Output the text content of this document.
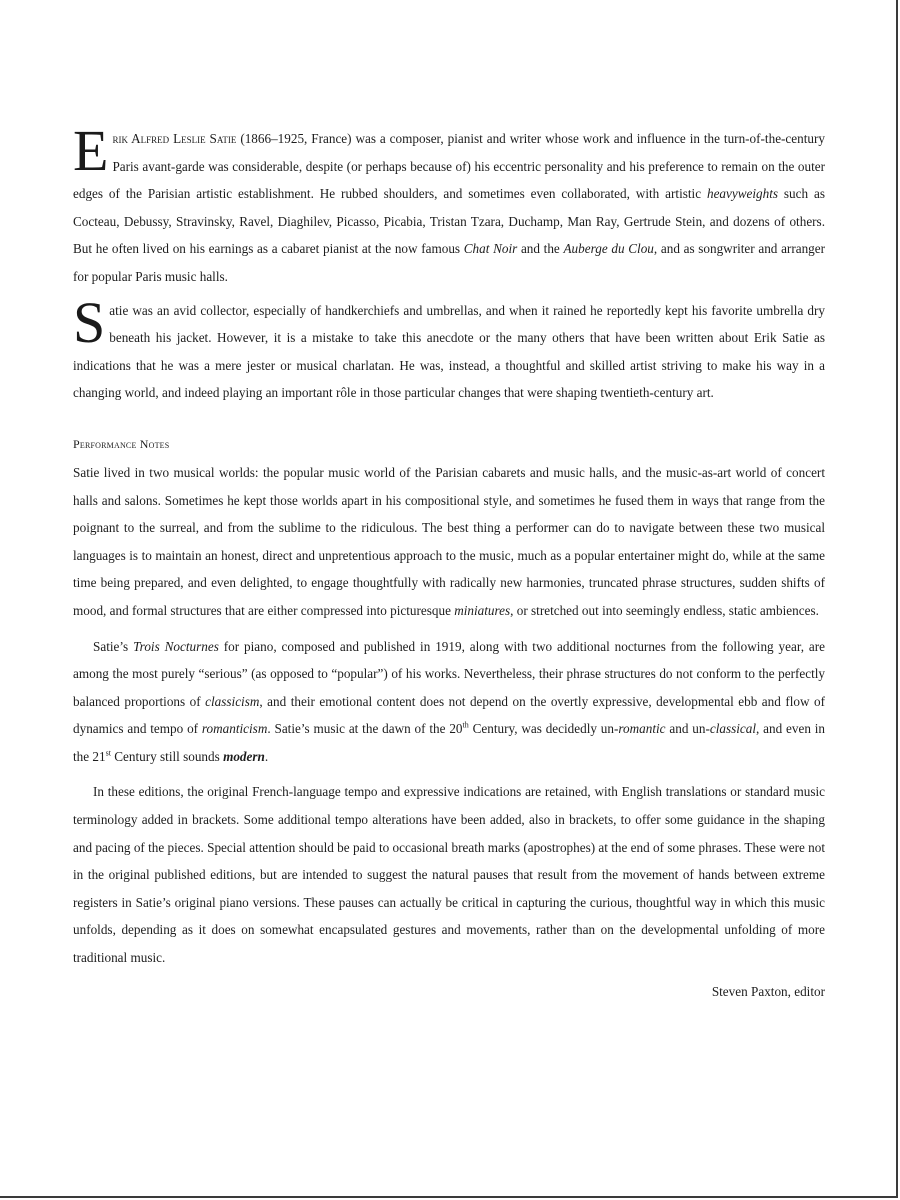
Erik Alfred Leslie Satie (1866–1925, France) was a composer, pianist and writer whose work and influence in the turn-of-the-century Paris avant-garde was considerable, despite (or perhaps because of) his eccentric personality and his preference to remain on the outer edges of the Parisian artistic establishment. He rubbed shoulders, and sometimes even collaborated, with artistic heavyweights such as Cocteau, Debussy, Stravinsky, Ravel, Diaghilev, Picasso, Picabia, Tristan Tzara, Duchamp, Man Ray, Gertrude Stein, and dozens of others. But he often lived on his earnings as a cabaret pianist at the now famous Chat Noir and the Auberge du Clou, and as songwriter and arranger for popular Paris music halls.

Satie was an avid collector, especially of handkerchiefs and umbrellas, and when it rained he reportedly kept his favorite umbrella dry beneath his jacket. However, it is a mistake to take this anecdote or the many others that have been written about Erik Satie as indications that he was a mere jester or musical charlatan. He was, instead, a thoughtful and skilled artist striving to make his way in a changing world, and indeed playing an important rôle in those particular changes that were shaping twentieth-century art.

Performance Notes

Satie lived in two musical worlds: the popular music world of the Parisian cabarets and music halls, and the music-as-art world of concert halls and salons. Sometimes he kept those worlds apart in his compositional style, and sometimes he fused them in ways that range from the poignant to the surreal, and from the sublime to the ridiculous. The best thing a performer can do to navigate between these two musical languages is to maintain an honest, direct and unpretentious approach to the music, much as a popular entertainer might do, while at the same time being prepared, and even delighted, to engage thoughtfully with radically new harmonies, truncated phrase structures, sudden shifts of mood, and formal structures that are either compressed into picturesque miniatures, or stretched out into seemingly endless, static ambiences.

Satie’s Trois Nocturnes for piano, composed and published in 1919, along with two additional nocturnes from the following year, are among the most purely “serious” (as opposed to “popular”) of his works. Nevertheless, their phrase structures do not conform to the perfectly balanced proportions of classicism, and their emotional content does not depend on the overtly expressive, developmental ebb and flow of dynamics and tempo of romanticism. Satie’s music at the dawn of the 20th Century, was decidedly un-romantic and un-classical, and even in the 21st Century still sounds modern.

In these editions, the original French-language tempo and expressive indications are retained, with English translations or standard music terminology added in brackets. Some additional tempo alterations have been added, also in brackets, to offer some guidance in the shaping and pacing of the pieces. Special attention should be paid to occasional breath marks (apostrophes) at the end of some phrases. These were not in the original published editions, but are intended to suggest the natural pauses that result from the movement of hands between extreme registers in Satie’s original piano versions. These pauses can actually be critical in capturing the curious, thoughtful way in which this music unfolds, depending as it does on somewhat encapsulated gestures and movements, rather than on the developmental unfolding of more traditional music.

Steven Paxton, editor
